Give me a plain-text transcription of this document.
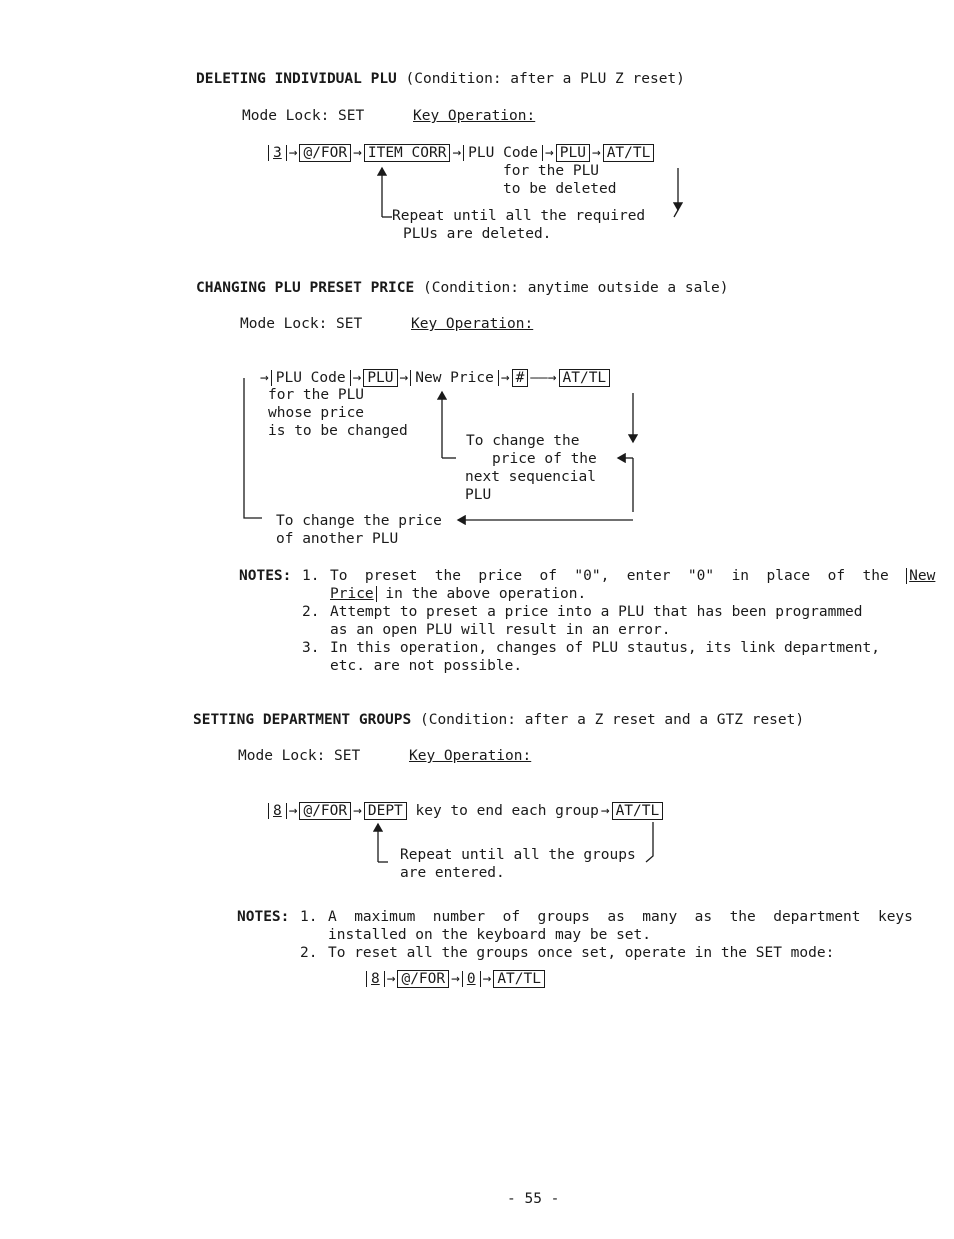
DELETING INDIVIDUAL PLU (Condition: after a PLU Z reset)
Mode Lock: SET	Key Operation:
3 → @/FOR → ITEM CORR → PLU Code → PLU → AT/TL
for the PLU
to be deleted
Repeat until all the required
PLUs are deleted.
CHANGING PLU PRESET PRICE (Condition: anytime outside a sale)
Mode Lock: SET	Key Operation:
→ PLU Code → PLU → New Price → # ——→ AT/TL
for the PLU
whose price
is to be changed
To change the
price of the
next sequencial
PLU
To change the price
of another PLU
NOTES: 1. To  preset  the  price  of  "0",  enter  "0"  in  place  of  the  New
Price in the above operation.
2. Attempt to preset a price into a PLU that has been programmed
as an open PLU will result in an error.
3. In this operation, changes of PLU stautus, its link department,
etc. are not possible.
SETTING DEPARTMENT GROUPS (Condition: after a Z reset and a GTZ reset)
Mode Lock: SET	Key Operation:
8 → @/FOR → DEPT key to end each group → AT/TL
Repeat until all the groups
are entered.
NOTES: 1. A  maximum  number  of  groups  as  many  as  the  department  keys
installed on the keyboard may be set.
2. To reset all the groups once set, operate in the SET mode:
8 → @/FOR → 0 → AT/TL
- 55 -
